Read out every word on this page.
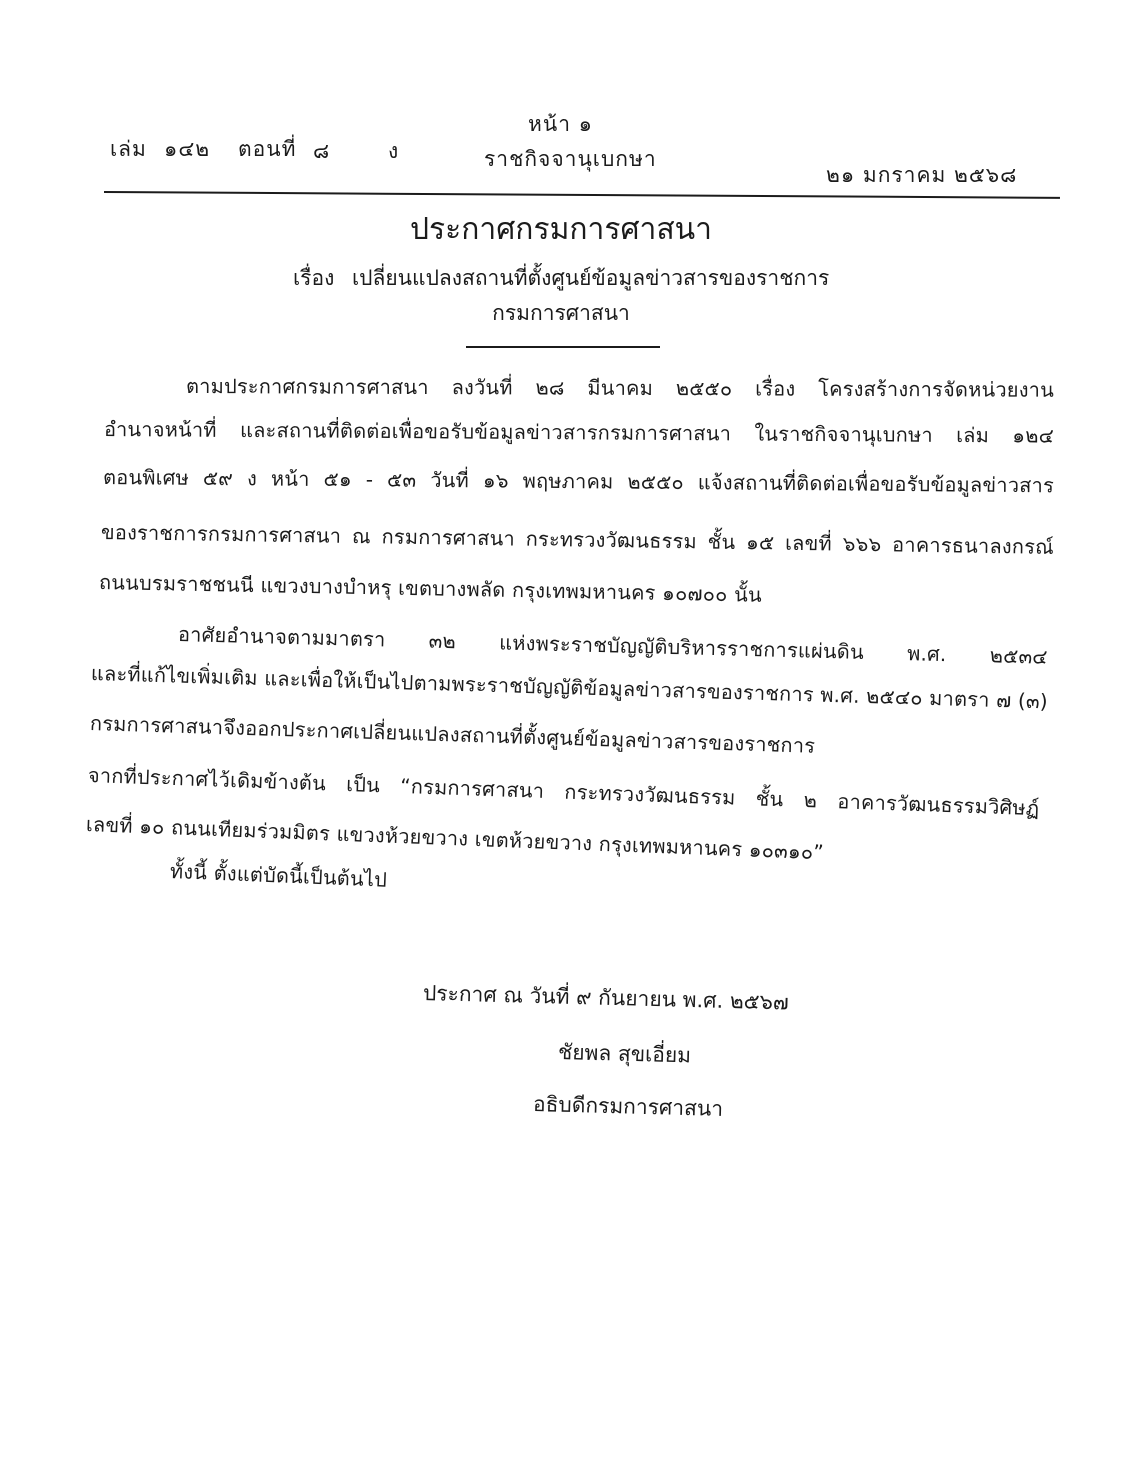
หน้า ๑
เล่ม ๑๔๒ ตอนที่ ๘	ง	ราชกิจจานุเบกษา
๒๑ มกราคม ๒๕๖๘
ประกาศกรมการศาสนา
เรื่อง เปลี่ยนแปลงสถานที่ตั้งศูนย์ข้อมูลข่าวสารของราชการ
กรมการศาสนา
ตามประกาศกรมการศาสนา ลงวันที่ ๒๘ มีนาคม ๒๕๕๐ เรื่อง โครงสร้างการจัดหน่วยงาน
อำนาจหน้าที่ และสถานที่ติดต่อเพื่อขอรับข้อมูลข่าวสารกรมการศาสนา ในราชกิจจานุเบกษา เล่ม ๑๒๔
ตอนพิเศษ ๕๙ ง หน้า ๕๑ - ๕๓ วันที่ ๑๖ พฤษภาคม ๒๕๕๐ แจ้งสถานที่ติดต่อเพื่อขอรับข้อมูลข่าวสาร
ของราชการกรมการศาสนา ณ กรมการศาสนา กระทรวงวัฒนธรรม ชั้น ๑๕ เลขที่ ๖๖๖ อาคารธนาลงกรณ์
ถนนบรมราชชนนี แขวงบางบำหรุ เขตบางพลัด กรุงเทพมหานคร ๑๐๗๐๐ นั้น
อาศัยอำนาจตามมาตรา ๓๒ แห่งพระราชบัญญัติบริหารราชการแผ่นดิน พ.ศ. ๒๕๓๔
และที่แก้ไขเพิ่มเติม และเพื่อให้เป็นไปตามพระราชบัญญัติข้อมูลข่าวสารของราชการ พ.ศ. ๒๕๔๐ มาตรา ๗ (๓)
กรมการศาสนาจึงออกประกาศเปลี่ยนแปลงสถานที่ตั้งศูนย์ข้อมูลข่าวสารของราชการ
จากที่ประกาศไว้เดิมข้างต้น เป็น “กรมการศาสนา กระทรวงวัฒนธรรม ชั้น ๒ อาคารวัฒนธรรมวิศิษฏ์
เลขที่ ๑๐ ถนนเทียมร่วมมิตร แขวงห้วยขวาง เขตห้วยขวาง กรุงเทพมหานคร ๑๐๓๑๐”
ทั้งนี้ ตั้งแต่บัดนี้เป็นต้นไป
ประกาศ ณ วันที่ ๙ กันยายน พ.ศ. ๒๕๖๗
ชัยพล สุขเอี่ยม
อธิบดีกรมการศาสนา
